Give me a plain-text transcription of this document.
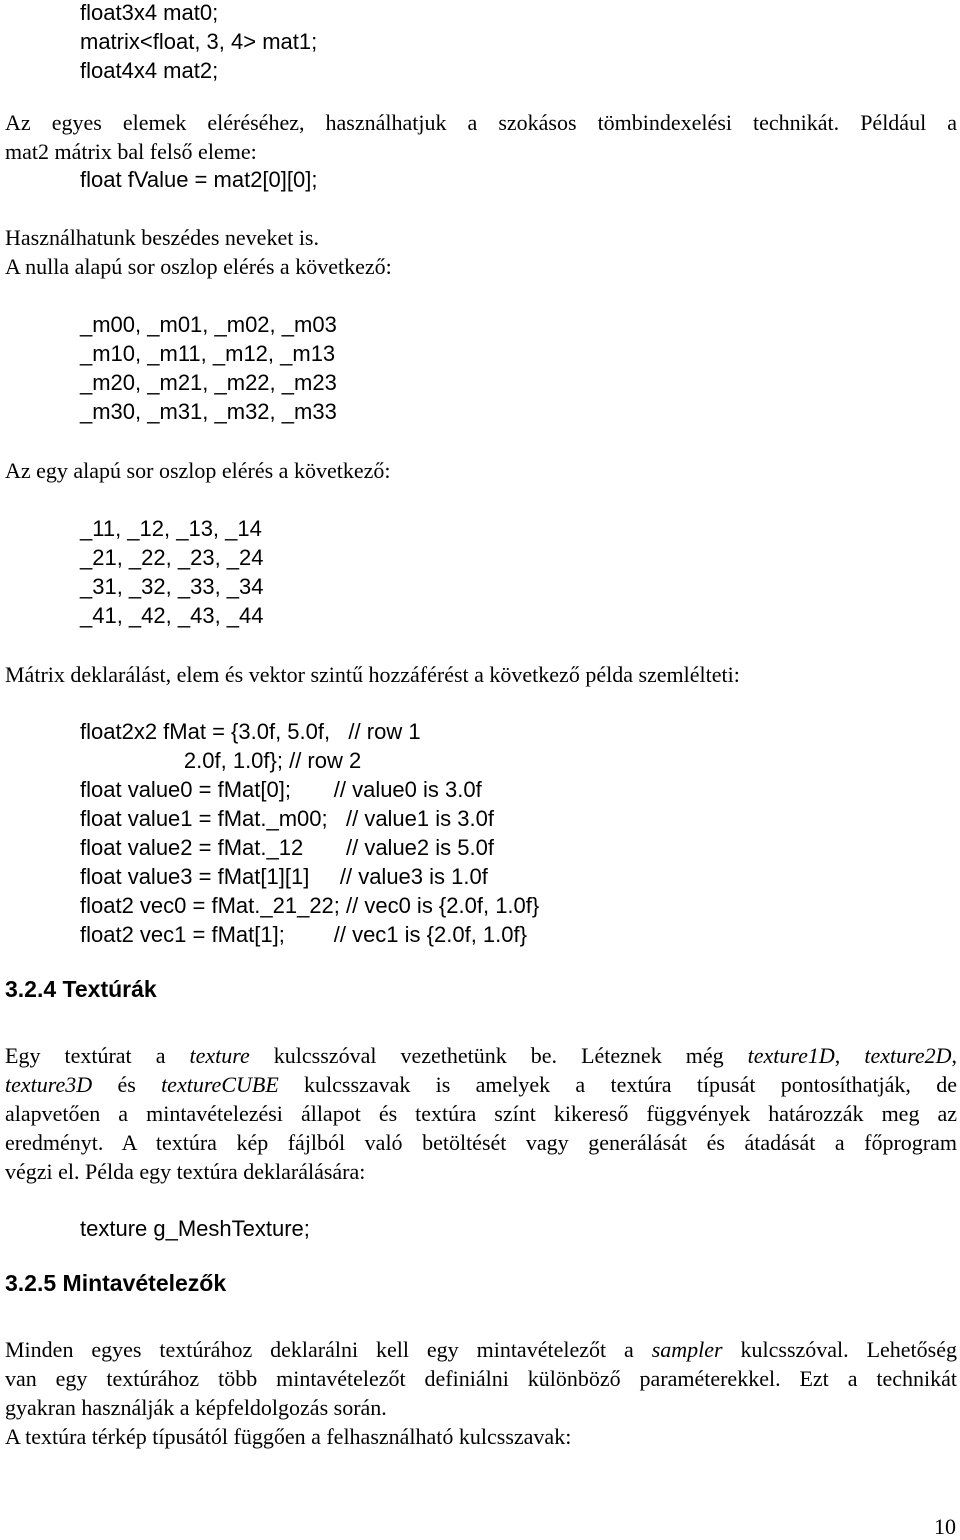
float3x4 mat0;
matrix<float, 3, 4> mat1;
float4x4 mat2;
Az egyes elemek eléréséhez, használhatjuk a szokásos tömbindexelési technikát. Például a
mat2 mátrix bal felső eleme:
float fValue = mat2[0][0];
Használhatunk beszédes neveket is.
A nulla alapú sor oszlop elérés a következő:
_m00, _m01, _m02, _m03
_m10, _m11, _m12, _m13
_m20, _m21, _m22, _m23
_m30, _m31, _m32, _m33
Az egy alapú sor oszlop elérés a következő:
_11, _12, _13, _14
_21, _22, _23, _24
_31, _32, _33, _34
_41, _42, _43, _44
Mátrix deklarálást, elem és vektor szintű hozzáférést a következő példa szemlélteti:
float2x2 fMat = {3.0f, 5.0f,   // row 1
2.0f, 1.0f}; // row 2
float value0 = fMat[0];       // value0 is 3.0f
float value1 = fMat._m00;   // value1 is 3.0f
float value2 = fMat._12       // value2 is 5.0f
float value3 = fMat[1][1]     // value3 is 1.0f
float2 vec0 = fMat._21_22; // vec0 is {2.0f, 1.0f}
float2 vec1 = fMat[1];        // vec1 is {2.0f, 1.0f}
3.2.4 Textúrák
Egy textúrat a texture kulcsszóval vezethetünk be. Léteznek még texture1D, texture2D,
texture3D és textureCUBE kulcsszavak is amelyek a textúra típusát pontosíthatják, de
alapvetően a mintavételezési állapot és textúra színt kikereső függvények határozzák meg az
eredményt. A textúra kép fájlból való betöltését vagy generálását és átadását a főprogram
végzi el. Példa egy textúra deklarálására:
texture g_MeshTexture;
3.2.5 Mintavételezők
Minden egyes textúrához deklarálni kell egy mintavételezőt a sampler kulcsszóval. Lehetőség
van egy textúrához több mintavételezőt definiálni különböző paraméterekkel. Ezt a technikát
gyakran használják a képfeldolgozás során.
A textúra térkép típusától függően a felhasználható kulcsszavak:
10
